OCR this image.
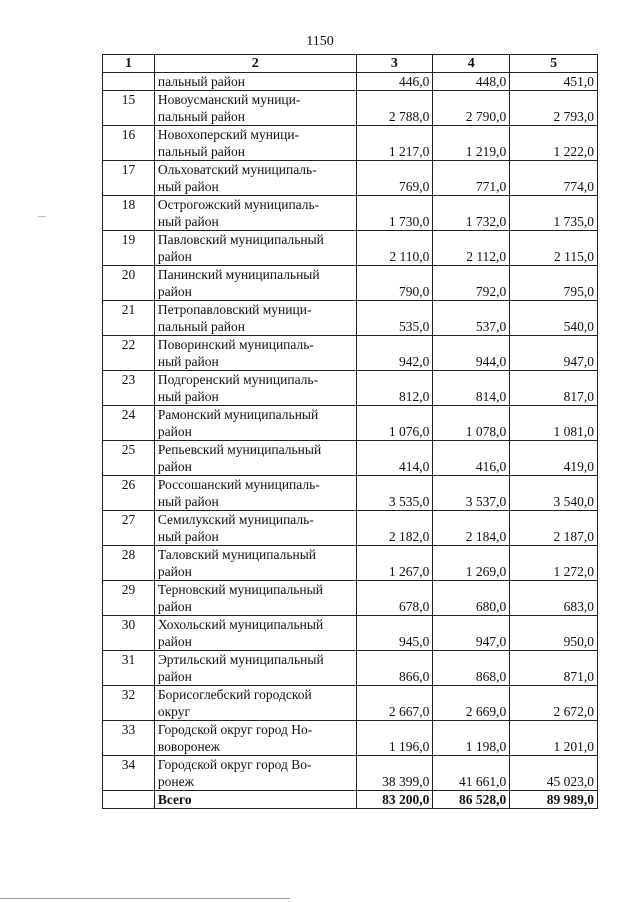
1150
1	2	3	4	5
	пальный район	446,0	448,0	451,0
15	Новоусманский муници-
пальный район	2 788,0	2 790,0	2 793,0
16	Новохоперский муници-
пальный район	1 217,0	1 219,0	1 222,0
17	Ольховатский муниципаль-
ный район	769,0	771,0	774,0
18	Острогожский муниципаль-
ный район	1 730,0	1 732,0	1 735,0
19	Павловский муниципальный
район	2 110,0	2 112,0	2 115,0
20	Панинский муниципальный
район	790,0	792,0	795,0
21	Петропавловский муници-
пальный район	535,0	537,0	540,0
22	Поворинский муниципаль-
ный район	942,0	944,0	947,0
23	Подгоренский муниципаль-
ный район	812,0	814,0	817,0
24	Рамонский муниципальный
район	1 076,0	1 078,0	1 081,0
25	Репьевский муниципальный
район	414,0	416,0	419,0
26	Россошанский муниципаль-
ный район	3 535,0	3 537,0	3 540,0
27	Семилукский муниципаль-
ный район	2 182,0	2 184,0	2 187,0
28	Таловский муниципальный
район	1 267,0	1 269,0	1 272,0
29	Терновский муниципальный
район	678,0	680,0	683,0
30	Хохольский муниципальный
район	945,0	947,0	950,0
31	Эртильский муниципальный
район	866,0	868,0	871,0
32	Борисоглебский городской
округ	2 667,0	2 669,0	2 672,0
33	Городской округ город Но-
воворонеж	1 196,0	1 198,0	1 201,0
34	Городской округ город Во-
ронеж	38 399,0	41 661,0	45 023,0
	Всего	83 200,0	86 528,0	89 989,0
